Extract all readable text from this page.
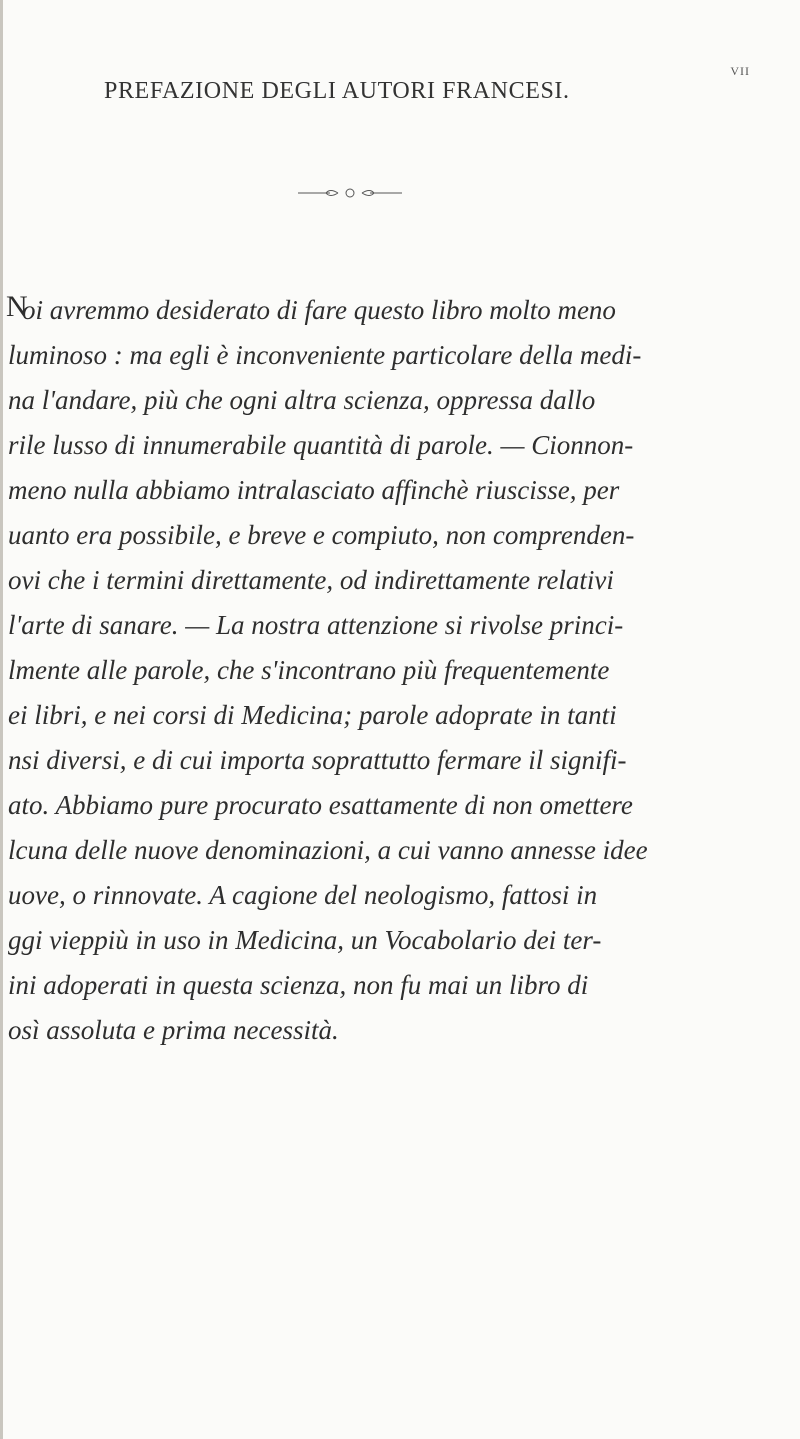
VII
PREFAZIONE DEGLI AUTORI FRANCESI.
N
oi avremmo desiderato di fare questo libro molto meno
luminoso : ma egli è inconveniente particolare della medi-
na l'andare, più che ogni altra scienza, oppressa dallo
rile lusso di innumerabile quantità di parole. — Cionnon-
meno nulla abbiamo intralasciato affinchè riuscisse, per
uanto era possibile, e breve e compiuto, non comprenden-
ovi che i termini direttamente, od indirettamente relativi
l'arte di sanare. — La nostra attenzione si rivolse princi-
lmente alle parole, che s'incontrano più frequentemente
ei libri, e nei corsi di Medicina; parole adoprate in tanti
nsi diversi, e di cui importa soprattutto fermare il signifi-
ato. Abbiamo pure procurato esattamente di non omettere
lcuna delle nuove denominazioni, a cui vanno annesse idee
uove, o rinnovate. A cagione del neologismo, fattosi in
ggi vieppiù in uso in Medicina, un Vocabolario dei ter-
ini adoperati in questa scienza, non fu mai un libro di
osì assoluta e prima necessità.
